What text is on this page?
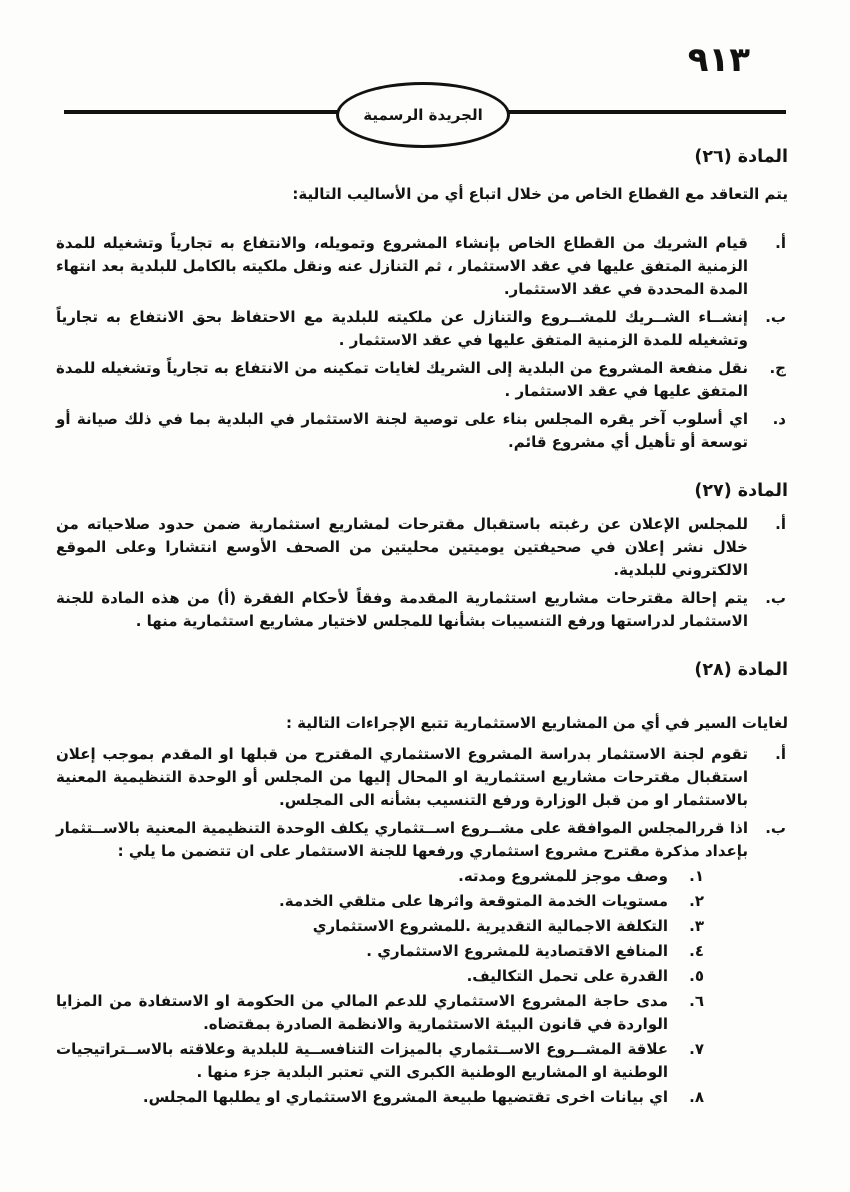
٩١٣
الجريدة الرسمية
المادة (٢٦)

يتم التعاقد مع القطاع الخاص من خلال اتباع أي من الأساليب التالية:

أ.
قيام الشريك من القطاع الخاص بإنشاء المشروع وتمويله، والانتفاع به تجارياً وتشغيله للمدة الزمنية المتفق عليها في عقد الاستثمار ، ثم التنازل عنه ونقل ملكيته بالكامل للبلدية بعد انتهاء المدة المحددة في عقد الاستثمار.
ب.
إنشــاء الشــريك للمشــروع والتنازل عن ملكيته للبلدية مع الاحتفاظ بحق الانتفاع به تجارياً وتشغيله للمدة الزمنية المتفق عليها في عقد الاستثمار .
ج.
نقل منفعة المشروع من البلدية إلى الشريك لغايات تمكينه من الانتفاع به تجارياً وتشغيله للمدة المتفق عليها في عقد الاستثمار .
د.
اي أسلوب آخر يقره المجلس بناء على توصية لجنة الاستثمار في البلدية بما في ذلك صيانة أو توسعة أو تأهيل أي مشروع قائم.
المادة (٢٧)
أ.
للمجلس الإعلان عن رغبته باستقبال مقترحات لمشاريع استثمارية ضمن حدود صلاحياته من خلال نشر إعلان في صحيفتين يوميتين محليتين من الصحف الأوسع انتشارا وعلى الموقع الالكتروني للبلدية.
ب.
يتم إحالة مقترحات مشاريع استثمارية المقدمة وفقاً لأحكام الفقرة (أ) من هذه المادة للجنة الاستثمار لدراستها ورفع التنسيبات بشأنها للمجلس لاختيار مشاريع استثمارية منها .
المادة (٢٨)

لغايات السير في أي من المشاريع الاستثمارية تتبع الإجراءات التالية :

أ.
تقوم لجنة الاستثمار بدراسة المشروع الاستثماري المقترح من قبلها او المقدم بموجب إعلان استقبال مقترحات مشاريع استثمارية او المحال إليها من المجلس أو الوحدة التنظيمية المعنية بالاستثمار او من قبل الوزارة ورفع التنسيب بشأنه الى المجلس.
ب.
اذا قررالمجلس الموافقة على مشــروع اســتثماري يكلف الوحدة التنظيمية المعنية بالاســتثمار بإعداد مذكرة مقترح مشروع استثماري ورفعها للجنة الاستثمار على ان تتضمن ما يلي :
١.
وصف موجز للمشروع ومدته.
٢.
مستويات الخدمة المتوقعة واثرها على متلقي الخدمة.
٣.
التكلفة الاجمالية التقديرية .للمشروع الاستثماري
٤.
المنافع الاقتصادية للمشروع الاستثماري .
٥.
القدرة على تحمل التكاليف.
٦.
مدى حاجة المشروع الاستثماري للدعم المالي من الحكومة او الاستفادة من المزايا الواردة في قانون البيئة الاستثمارية والانظمة الصادرة بمقتضاه.
٧.
علاقة المشــروع الاســتثماري بالميزات التنافســية للبلدية وعلاقته بالاســتراتيجيات الوطنية او المشاريع الوطنية الكبرى التي تعتبر البلدية جزء منها .
٨.
اي بيانات اخرى تقتضيها طبيعة المشروع الاستثماري او يطلبها المجلس.
